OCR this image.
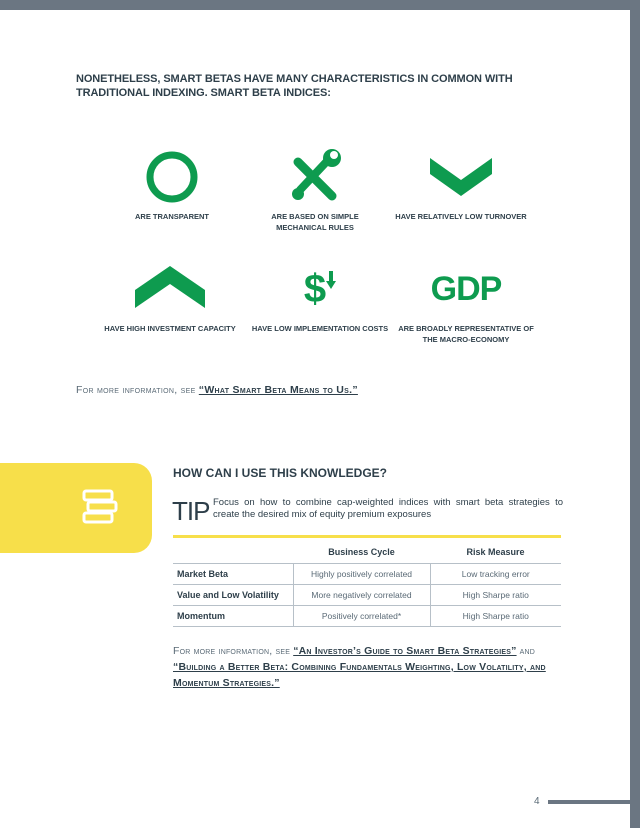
NONETHELESS, SMART BETAS HAVE MANY CHARACTERISTICS IN COMMON WITH TRADITIONAL INDEXING. SMART BETA INDICES:
ARE TRANSPARENT	ARE BASED ON SIMPLE MECHANICAL RULES
HAVE RELATIVELY LOW TURNOVER
HAVE HIGH INVESTMENT CAPACITY
$
HAVE LOW IMPLEMENTATION COSTS
GDP
ARE BROADLY REPRESENTATIVE OF THE MACRO-ECONOMY
For more information, see “What Smart Beta Means to Us.”
HOW CAN I USE THIS KNOWLEDGE?
TIP Focus on how to combine cap-weighted indices with smart beta strategies to create the desired mix of equity premium exposures
	Business Cycle	Risk Measure
Market Beta	Highly positively correlated	Low tracking error
Value and Low Volatility	More negatively correlated	High Sharpe ratio
Momentum	Positively correlated*	High Sharpe ratio
For more information, see “An Investor’s Guide to Smart Beta Strategies” and “Building a Better Beta: Combining Fundamentals Weighting, Low Volatility, and Momentum Strategies.”
4
